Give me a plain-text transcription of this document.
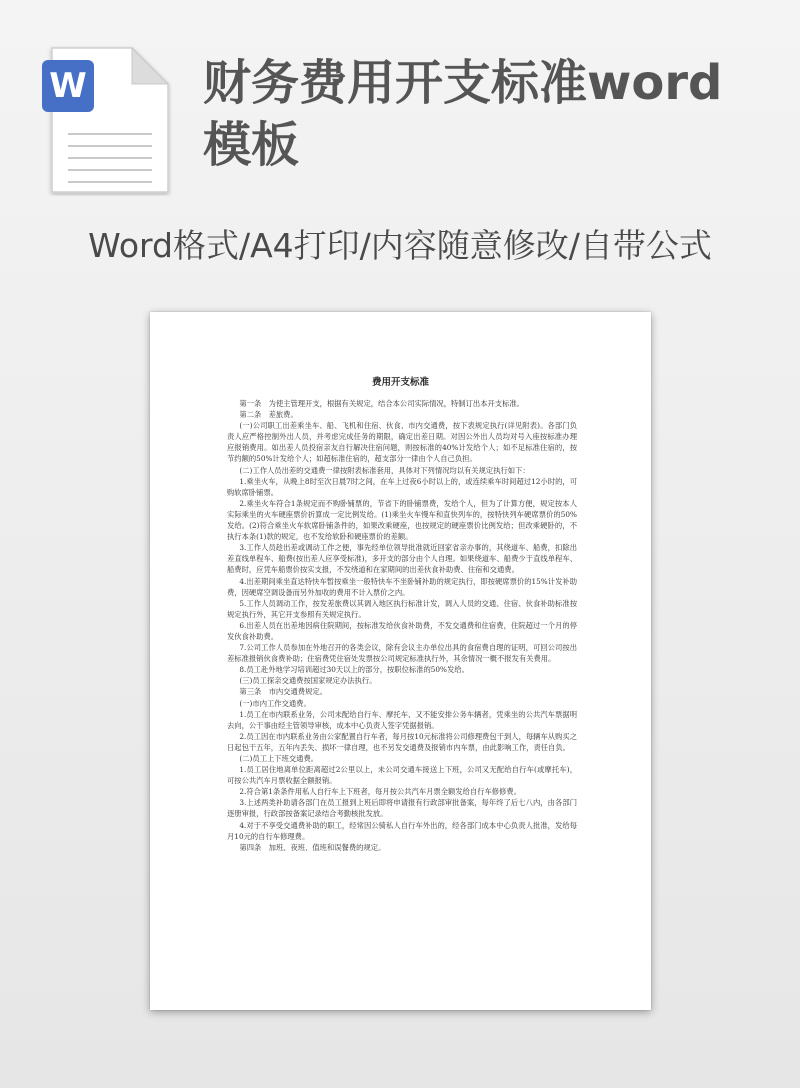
W 财务费用开支标准word模板
Word格式/A4打印/内容随意修改/自带公式
费用开支标准

第一条　为使主管理开支，根据有关规定，结合本公司实际情况，特制订出本开支标准。

第二条　差旅费。

(一)公司职工出差乘坐车、船、飞机和住宿、伙食、市内交通费，按下表规定执行(详见附表)。各部门负责人应严格控制外出人员，并考虑完成任务的期限，确定出差日期。对因公外出人员均对号入座按标准办理应报销费用。如出差人员投宿亲友自行解决住宿问题，则按标准的40%计发给个人；如不足标准住宿的，按节约额的50%计发给个人；如超标准住宿的，超支部分一律由个人自己负担。

(二)工作人员出差的交通费一律按附表标准套用，具体对下列情况均以有关规定执行如下：

1.乘坐火车，从晚上8时至次日晨7时之间，在车上过夜6小时以上的，或连续乘车时间超过12小时的，可购软席卧铺票。

2.乘坐火车符合1条规定而不购卧铺票的，节省下的卧铺票费，发给个人，但为了计算方便，规定按本人实际乘坐的火车硬座票价折算成一定比例发给。(1)乘坐火车慢车和直快列车的，按特快列车硬席票价的50%发给。(2)符合乘坐火车软席卧铺条件的，如果改乘硬座，也按规定的硬座票价比例发给；但改乘硬卧的，不执行本条(1)款的规定，也不发给软卧和硬座票价的差额。

3.工作人员趁出差或调动工作之便，事先经单位领导批准就近回家省亲办事的，其绕道车、船费，扣除出差直线单程车、船费(按出差人应享受标准)，多开支的部分由个人自理。如果绕道车、船费少于直线单程车、船费时，应凭车船票价按实支报，不发绕道和在家期间的出差伙食补助费、住宿和交通费。

4.出差期间乘坐直达特快车暂按乘坐一般特快车不坐卧铺补助的规定执行，即按硬席票价的15%计发补助费，因硬席空调设备而另外加收的费用不计入票价之内。

5.工作人员调动工作，按发差旅费以其调入地区执行标准计发，调入人员的交通、住宿、伙食补助标准按规定执行外，其它开支参照有关规定执行。

6.出差人员在出差地因病住院期间，按标准发给伙食补助费，不发交通费和住宿费，住院超过一个月的停发伙食补助费。

7.公司工作人员参加在外地召开的各类会议，除有会议主办单位出具的食宿费自理的证明，可回公司按出差标准报销伙食费补助；住宿费凭住宿处发票按公司规定标准执行外，其余情况一概不报发有关费用。

8.员工赴外地学习培训超过30天以上的部分，按职位标准的50%发给。

(三)员工探亲交通费按国家规定办法执行。

第三条　市内交通费规定。

(一)市内工作交通费。

1.员工在市内联系业务，公司未配给自行车、摩托车、又不能安排公务车辆者，凭乘坐的公共汽车票据明去向，公干事由经主管领导审核，成本中心负责人签字凭据报销。

2.员工因在市内联系业务由公家配置自行车者，每月按10元标准将公司修理费包干到人，每辆车从购买之日起包干五年，五年内丢失、损坏一律自理，也不另发交通费及报销市内车票，由此影响工作，责任自负。

(二)员工上下班交通费。

1.员工居住地离单位距离超过2公里以上，未公司交通车接送上下班，公司又无配给自行车(或摩托车)，可按公共汽车月票收据全额报销。

2.符合第1条条件用私人自行车上下班者，每月按公共汽车月票全额发给自行车修修费。

3.上述两类补助请各部门在员工报到上班后即将申请报有行政部审批备案，每年终了后七八内，由各部门逐册审报，行政部按备案记录结合考勤核批发放。

4.对于不享受交通费补助的职工，经常因公骑私人自行车外出的，经各部门成本中心负责人批准，发给每月10元的自行车修理费。

第四条　加班、夜班、值班和误餐费的规定。
